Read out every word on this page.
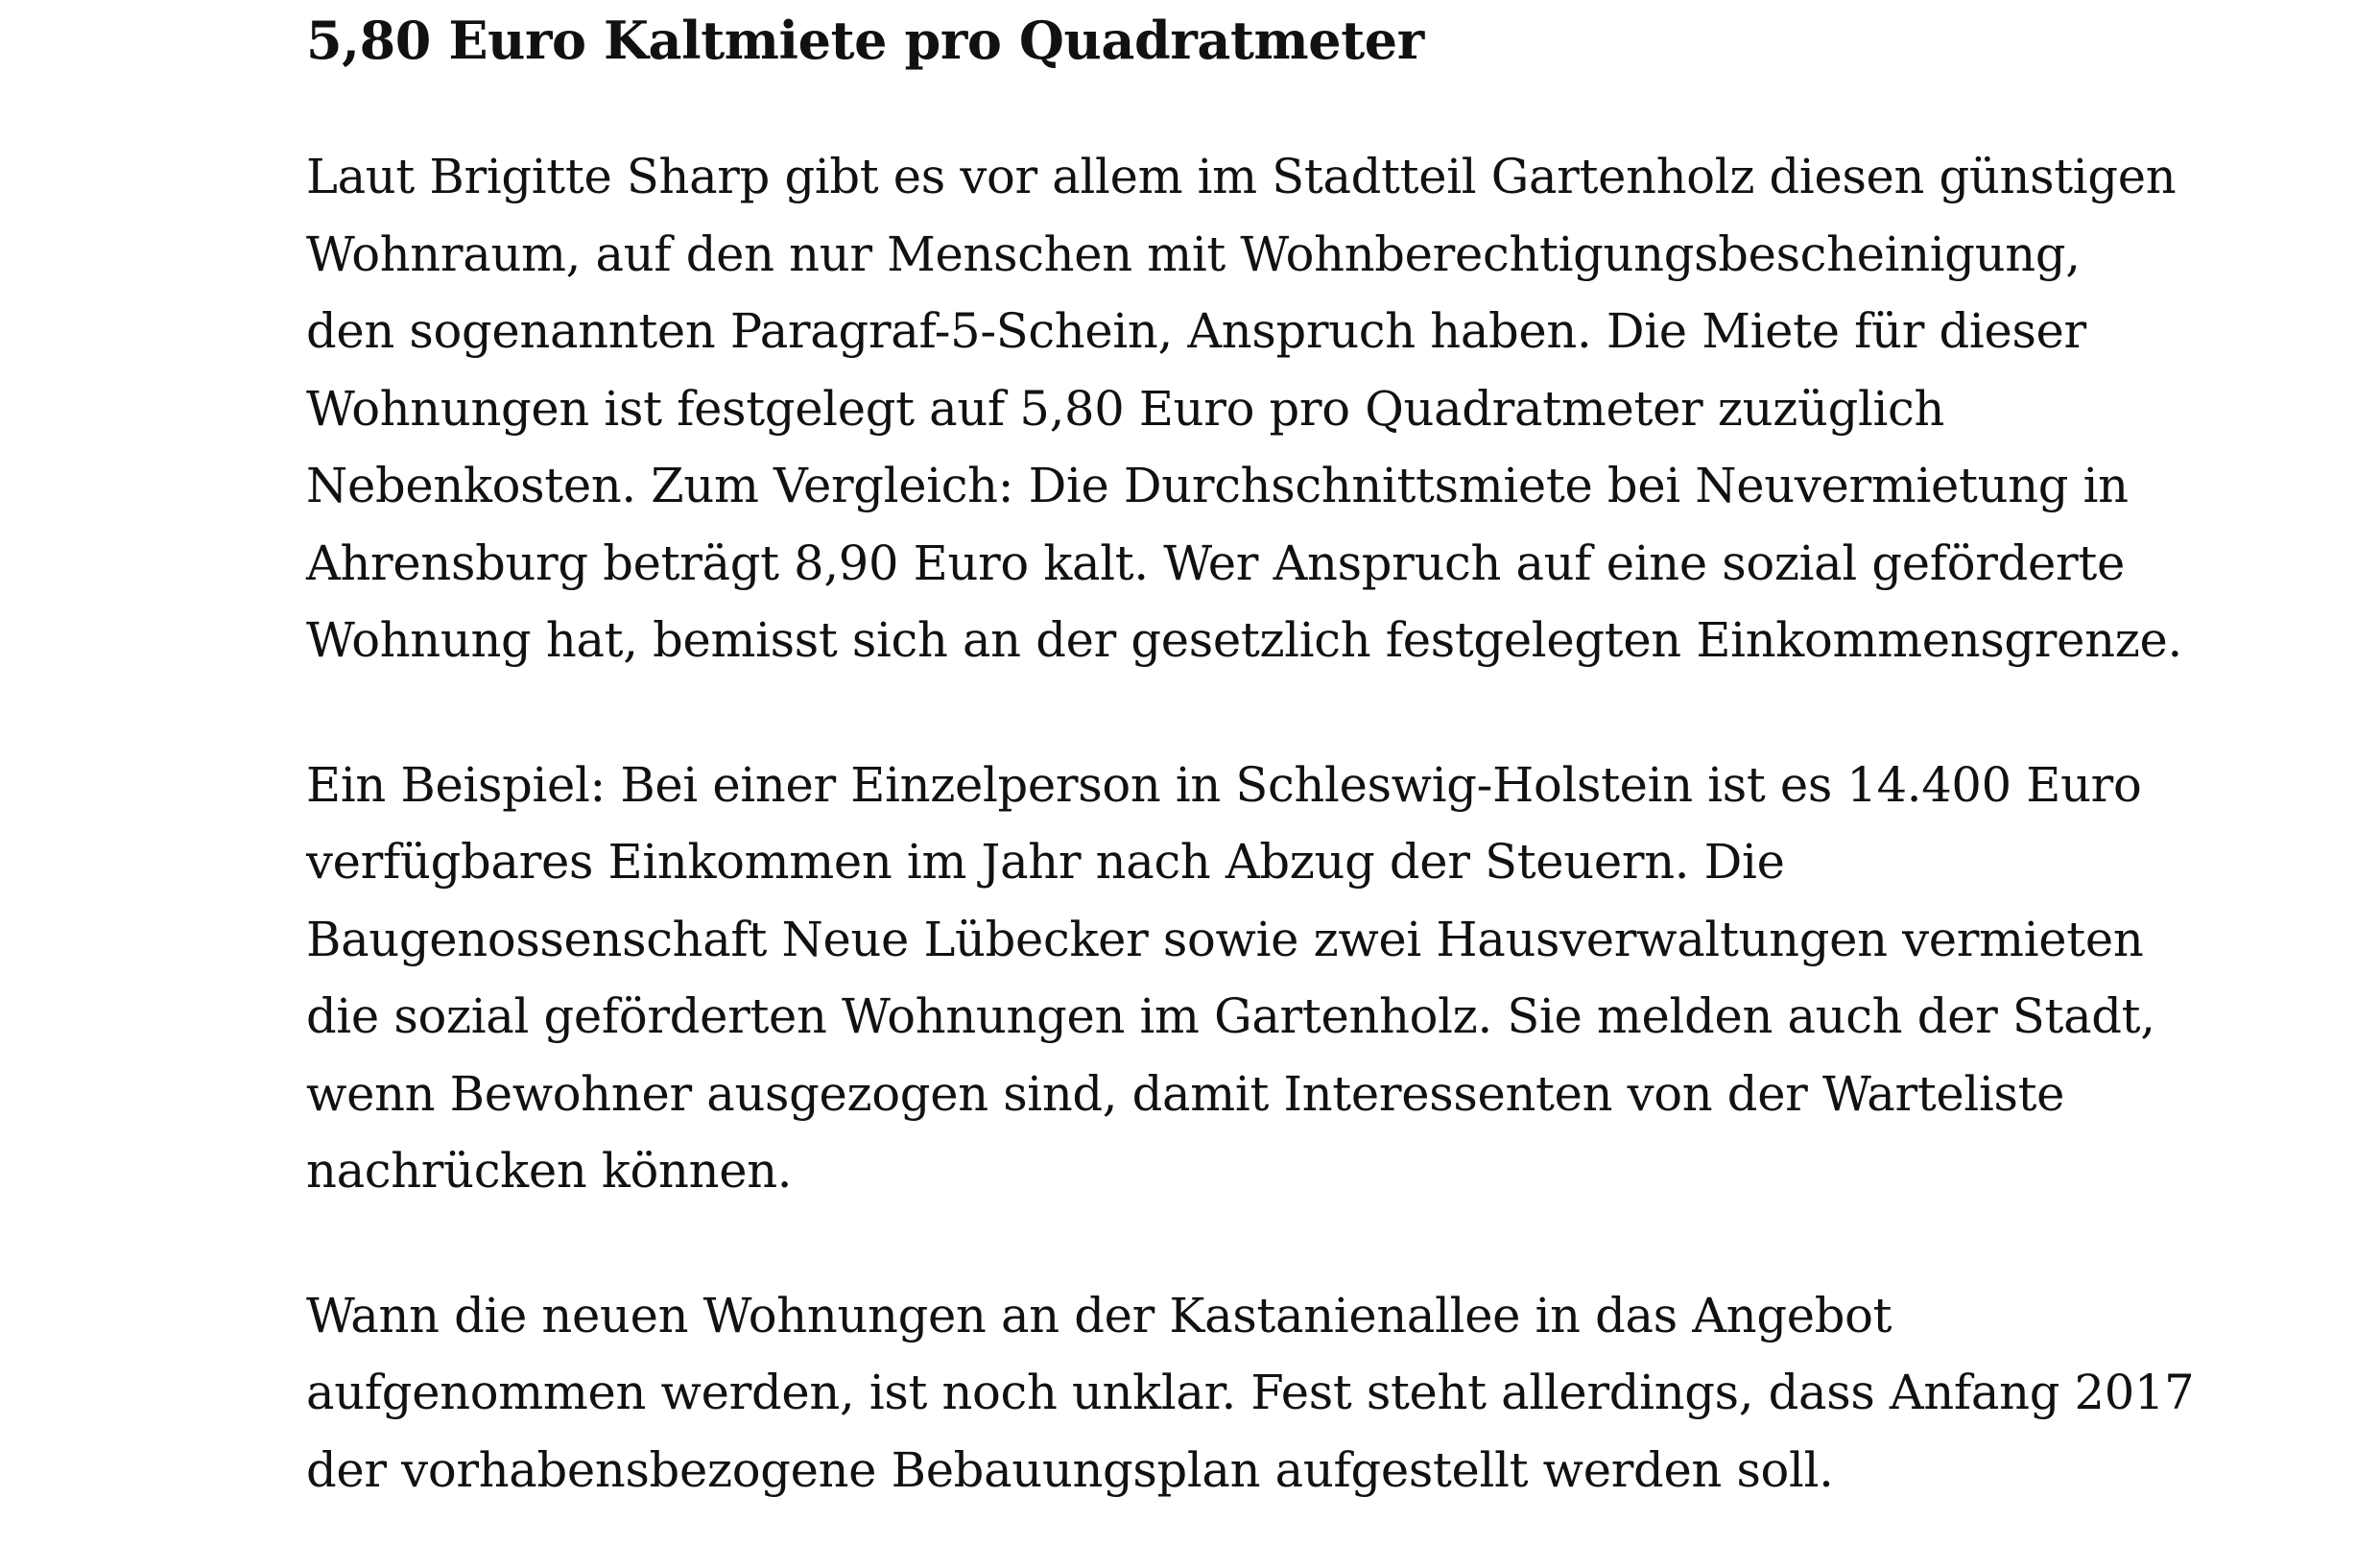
5,80 Euro Kaltmiete pro Quadratmeter

Laut Brigitte Sharp gibt es vor allem im Stadtteil Gartenholz diesen günstigen
Wohnraum, auf den nur Menschen mit Wohnberechtigungsbescheinigung,
den sogenannten Paragraf-5-Schein, Anspruch haben. Die Miete für dieser
Wohnungen ist festgelegt auf 5,80 Euro pro Quadratmeter zuzüglich
Nebenkosten. Zum Vergleich: Die Durchschnittsmiete bei Neuvermietung in
Ahrensburg beträgt 8,90 Euro kalt. Wer Anspruch auf eine sozial geförderte
Wohnung hat, bemisst sich an der gesetzlich festgelegten Einkommensgrenze.

Ein Beispiel: Bei einer Einzelperson in Schleswig-Holstein ist es 14.400 Euro
verfügbares Einkommen im Jahr nach Abzug der Steuern. Die
Baugenossenschaft Neue Lübecker sowie zwei Hausverwaltungen vermieten
die sozial geförderten Wohnungen im Gartenholz. Sie melden auch der Stadt,
wenn Bewohner ausgezogen sind, damit Interessenten von der Warteliste
nachrücken können.

Wann die neuen Wohnungen an der Kastanienallee in das Angebot
aufgenommen werden, ist noch unklar. Fest steht allerdings, dass Anfang 2017
der vorhabensbezogene Bebauungsplan aufgestellt werden soll.
